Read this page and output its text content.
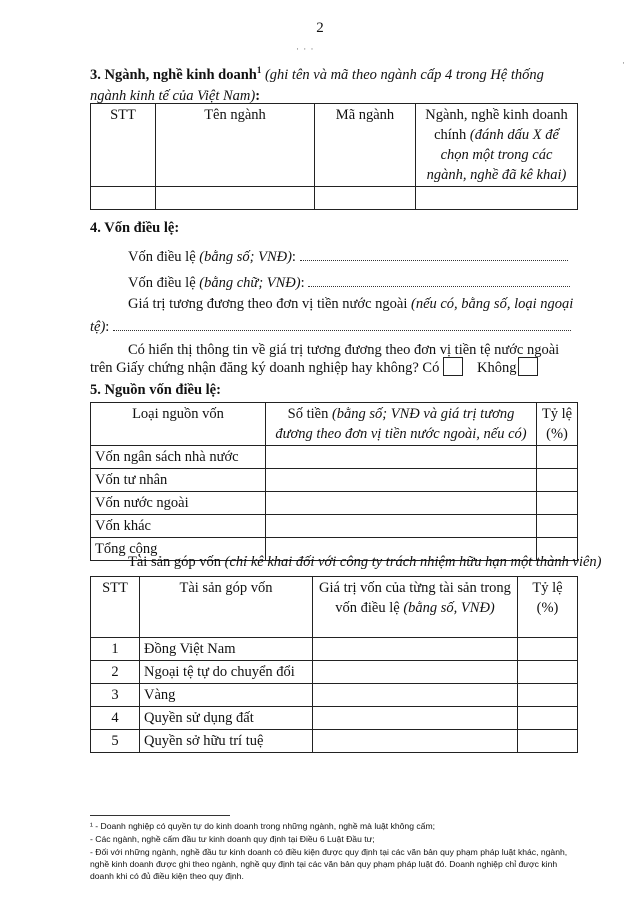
2
· · ·
·
3. Ngành, nghề kinh doanh$^1$ (ghi tên và mã theo ngành cấp 4 trong Hệ thống ngành kinh tế của Việt Nam):
STT	Tên ngành	Mã ngành	Ngành, nghề kinh doanh chính (đánh dấu X để chọn một trong các ngành, nghề đã kê khai)

4. Vốn điều lệ:
Vốn điều lệ (bằng số; VNĐ):
Vốn điều lệ (bằng chữ; VNĐ):
Giá trị tương đương theo đơn vị tiền nước ngoài (nếu có, bằng số, loại ngoại
tệ):
Có hiển thị thông tin về giá trị tương đương theo đơn vị tiền tệ nước ngoài
trên Giấy chứng nhận đăng ký doanh nghiệp hay không? Có	Không
5. Nguồn vốn điều lệ:
Loại nguồn vốn	Số tiền (bằng số; VNĐ và giá trị tương đương theo đơn vị tiền nước ngoài, nếu có)	Tỷ lệ (%)
Vốn ngân sách nhà nước		
Vốn tư nhân		
Vốn nước ngoài		
Vốn khác		
Tổng cộng		
Tài sản góp vốn (chỉ kê khai đối với công ty trách nhiệm hữu hạn một thành viên)
STT	Tài sản góp vốn	Giá trị vốn của từng tài sản trong vốn điều lệ (bằng số, VNĐ)	Tỷ lệ (%)
1	Đồng Việt Nam		
2	Ngoại tệ tự do chuyển đổi		
3	Vàng		
4	Quyền sử dụng đất		
5	Quyền sở hữu trí tuệ		
¹ - Doanh nghiệp có quyền tự do kinh doanh trong những ngành, nghề mà luật không cấm;
- Các ngành, nghề cấm đầu tư kinh doanh quy định tại Điều 6 Luật Đầu tư;
- Đối với những ngành, nghề đầu tư kinh doanh có điều kiện được quy định tại các văn bản quy phạm pháp luật khác, ngành, nghề kinh doanh được ghi theo ngành, nghề quy định tại các văn bản quy phạm pháp luật đó. Doanh nghiệp chỉ được kinh doanh khi có đủ điều kiện theo quy định.
